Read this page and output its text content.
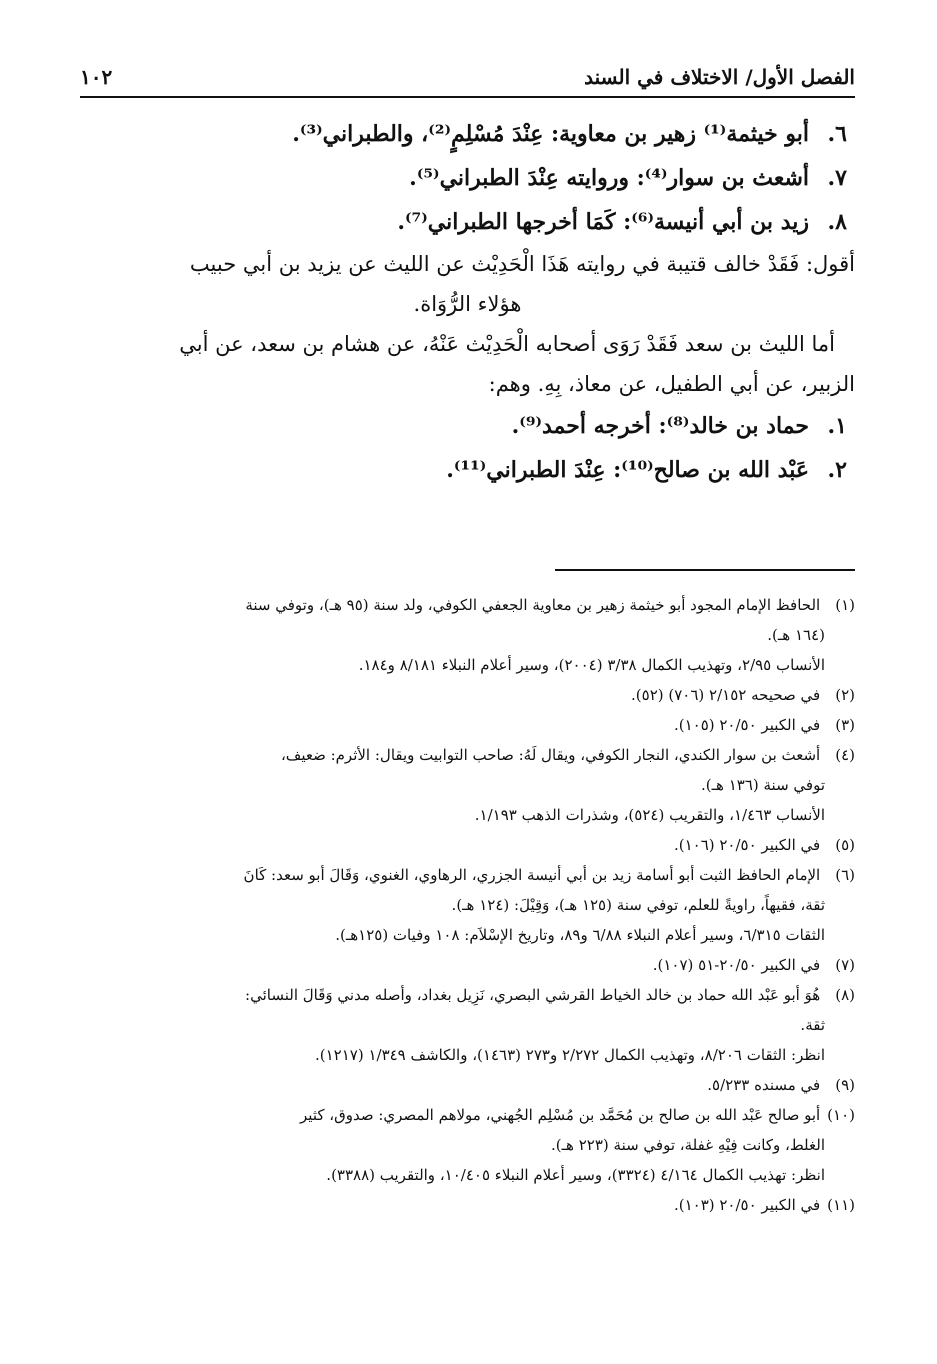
الفصل الأول/ الاختلاف في السند
١٠٢
٦.
أبو خيثمة⁽¹⁾ زهير بن معاوية: عِنْدَ مُسْلِمٍ⁽²⁾، والطبراني⁽³⁾.
٧.
أشعث بن سوار⁽⁴⁾: وروايته عِنْدَ الطبراني⁽⁵⁾.
٨.
زيد بن أبي أنيسة⁽⁶⁾: كَمَا أخرجها الطبراني⁽⁷⁾.

أقول: فَقَدْ خالف قتيبة في روايته هَذَا الْحَدِيْث عن الليث عن يزيد بن أبي حبيب
هؤلاء الرُّوَاة.

أما الليث بن سعد فَقَدْ رَوَى أصحابه الْحَدِيْث عَنْهُ، عن هشام بن سعد، عن أبي
الزبير، عن أبي الطفيل، عن معاذ، بِهِ. وهم:

١.
حماد بن خالد⁽⁸⁾: أخرجه أحمد⁽⁹⁾.
٢.
عَبْد الله بن صالح⁽¹⁰⁾: عِنْدَ الطبراني⁽¹¹⁾.
(١) الحافظ الإمام المجود أبو خيثمة زهير بن معاوية الجعفي الكوفي، ولد سنة (٩٥ هـ)، وتوفي سنة
(١٦٤ هـ).
الأنساب ٢/٩٥، وتهذيب الكمال ٣/٣٨ (٢٠٠٤)، وسير أعلام النبلاء ٨/١٨١ و١٨٤.
(٢) في صحيحه ٢/١٥٢ (٧٠٦) (٥٢).
(٣) في الكبير ٢٠/٥٠ (١٠٥).
(٤) أشعث بن سوار الكندي، النجار الكوفي، ويقال لَهُ: صاحب التوابيت ويقال: الأثرم: ضعيف،
توفي سنة (١٣٦ هـ).
الأنساب ١/٤٦٣، والتقريب (٥٢٤)، وشذرات الذهب ١/١٩٣.
(٥) في الكبير ٢٠/٥٠ (١٠٦).
(٦) الإمام الحافظ الثبت أبو أسامة زيد بن أبي أنيسة الجزري، الرهاوي، الغنوي، وَقَالَ أبو سعد: كَانَ
ثقة، فقيهاً، راويةً للعلم، توفي سنة (١٢٥ هـ)، وَقِيْلَ: (١٢٤ هـ).
الثقات ٦/٣١٥، وسير أعلام النبلاء ٦/٨٨ و٨٩، وتاريخ الإسْلاَم: ١٠٨ وفيات (١٢٥هـ).
(٧) في الكبير ٢٠/٥٠-٥١ (١٠٧).
(٨) هُوَ أبو عَبْد الله حماد بن خالد الخياط القرشي البصري، نَزِيل بغداد، وأصله مدني وَقَالَ النسائي:
ثقة.
انظر: الثقات ٨/٢٠٦، وتهذيب الكمال ٢/٢٧٢ و٢٧٣ (١٤٦٣)، والكاشف ١/٣٤٩ (١٢١٧).
(٩) في مسنده ٥/٢٣٣.
(١٠) أبو صالح عَبْد الله بن صالح بن مُحَمَّد بن مُسْلِم الجُهني، مولاهم المصري: صدوق، كثير
الغلط، وكانت فِيْهِ غفلة، توفي سنة (٢٢٣ هـ).
انظر: تهذيب الكمال ٤/١٦٤ (٣٣٢٤)، وسير أعلام النبلاء ١٠/٤٠٥، والتقريب (٣٣٨٨).
(١١) في الكبير ٢٠/٥٠ (١٠٣).
